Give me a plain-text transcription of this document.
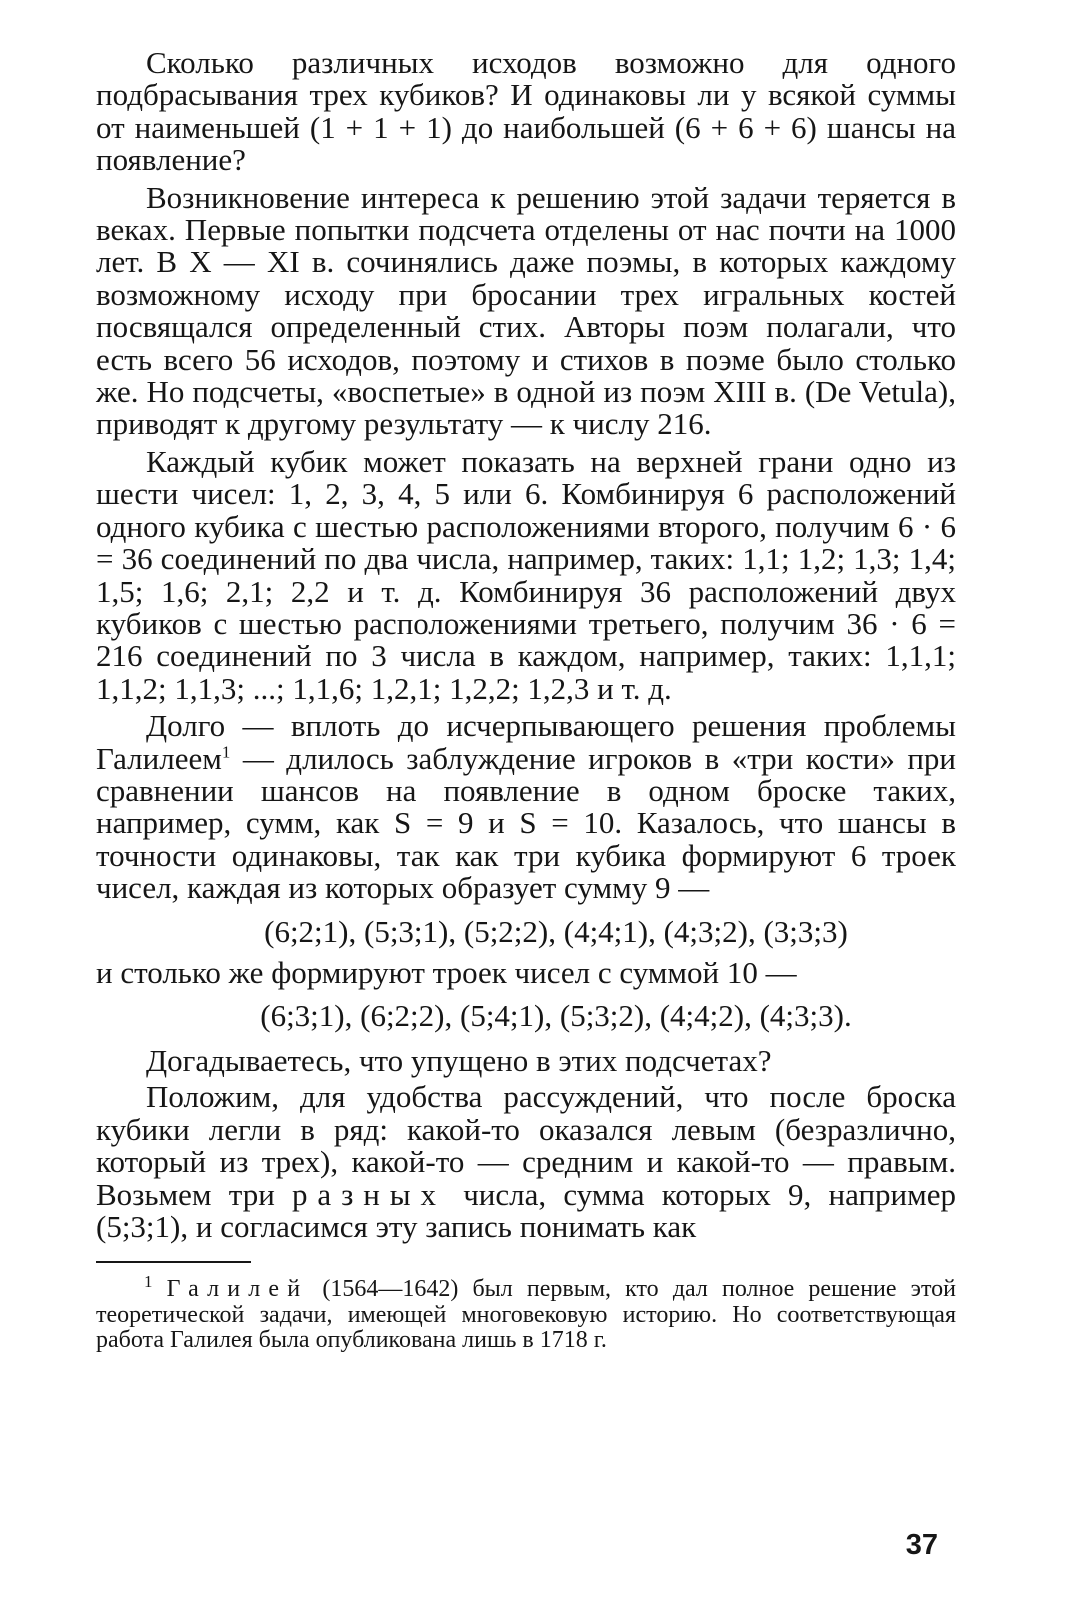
Сколько различных исходов возможно для одного подбрасывания трех кубиков? И одинаковы ли у всякой суммы от наименьшей (1 + 1 + 1) до наибольшей (6 + 6 + 6) шансы на появление?

Возникновение интереса к решению этой задачи теряется в веках. Первые попытки подсчета отделены от нас почти на 1000 лет. В X — XI в. сочинялись даже поэмы, в которых каждому возможному исходу при бросании трех игральных костей посвящался определенный стих. Авторы поэм полагали, что есть всего 56 исходов, поэтому и стихов в поэме было столько же. Но подсчеты, «воспетые» в одной из поэм XIII в. (De Vetula), приводят к другому результату — к числу 216.

Каждый кубик может показать на верхней грани одно из шести чисел: 1, 2, 3, 4, 5 или 6. Комбинируя 6 расположений одного кубика с шестью расположениями второго, получим 6 · 6 = 36 соединений по два числа, например, таких: 1,1; 1,2; 1,3; 1,4; 1,5; 1,6; 2,1; 2,2 и т. д. Комбинируя 36 расположений двух кубиков с шестью расположениями третьего, получим 36 · 6 = 216 соединений по 3 числа в каждом, например, таких: 1,1,1; 1,1,2; 1,1,3; ...; 1,1,6; 1,2,1; 1,2,2; 1,2,3 и т. д.

Долго — вплоть до исчерпывающего решения проблемы Галилеем$^1$ — длилось заблуждение игроков в «три кости» при сравнении шансов на появление в одном броске таких, например, сумм, как S = 9 и S = 10. Казалось, что шансы в точности одинаковы, так как три кубика формируют 6 троек чисел, каждая из которых образует сумму 9 —

(6;2;1), (5;3;1), (5;2;2), (4;4;1), (4;3;2), (3;3;3)

и столько же формируют троек чисел с суммой 10 —

(6;3;1), (6;2;2), (5;4;1), (5;3;2), (4;4;2), (4;3;3).

Догадываетесь, что упущено в этих подсчетах?

Положим, для удобства рассуждений, что после броска кубики легли в ряд: какой-то оказался левым (безразлично, который из трех), какой-то — средним и какой-то — правым. Возьмем три разных числа, сумма которых 9, например (5;3;1), и согласимся эту запись понимать как

$^1$ Галилей (1564—1642) был первым, кто дал полное решение этой теоретической задачи, имеющей многовековую историю. Но соответствующая работа Галилея была опубликована лишь в 1718 г.

37
